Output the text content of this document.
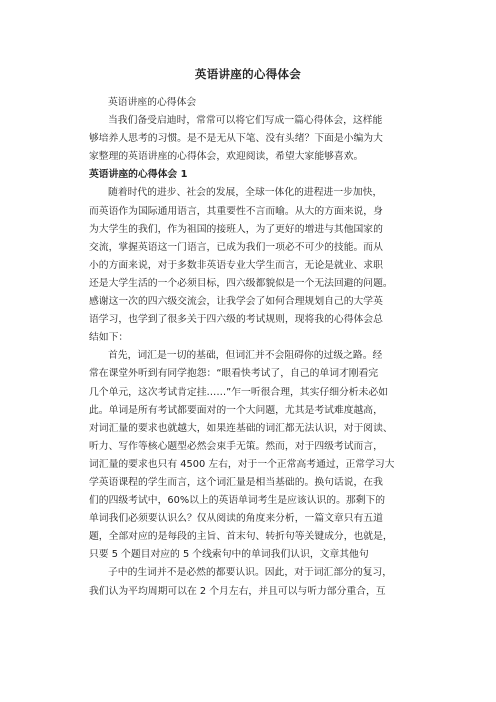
英语讲座的心得体会
英语讲座的心得体会
当我们备受启迪时，常常可以将它们写成一篇心得体会，这样能
够培养人思考的习惯。是不是无从下笔、没有头绪？下面是小编为大
家整理的英语讲座的心得体会，欢迎阅读，希望大家能够喜欢。
英语讲座的心得体会 1
随着时代的进步、社会的发展，全球一体化的进程进一步加快，
而英语作为国际通用语言，其重要性不言而喻。从大的方面来说，身
为大学生的我们，作为祖国的接班人，为了更好的增进与其他国家的
交流，掌握英语这一门语言，已成为我们一项必不可少的技能。而从
小的方面来说，对于多数非英语专业大学生而言，无论是就业、求职
还是大学生活的一个必须目标，四六级都貌似是一个无法回避的问题。
感谢这一次的四六级交流会，让我学会了如何合理规划自己的大学英
语学习，也学到了很多关于四六级的考试规则，现将我的心得体会总
结如下：
首先，词汇是一切的基础，但词汇并不会阻碍你的过级之路。经
常在课堂外听到有同学抱怨：“眼看快考试了，自己的单词才刚看完
几个单元，这次考试肯定挂……”乍一听很合理，其实仔细分析未必如
此。单词是所有考试都要面对的一个大问题，尤其是考试难度越高，
对词汇量的要求也就越大，如果连基础的词汇都无法认识，对于阅读、
听力、写作等核心题型必然会束手无策。然而，对于四级考试而言，
词汇量的要求也只有 4500 左右，对于一个正常高考通过，正常学习大
学英语课程的学生而言，这个词汇量是相当基础的。换句话说，在我
们的四级考试中，60%以上的英语单词考生是应该认识的。那剩下的
单词我们必须要认识么？仅从阅读的角度来分析，一篇文章只有五道
题，全部对应的是每段的主旨、首末句、转折句等关键成分，也就是，
只要 5 个题目对应的 5 个线索句中的单词我们认识，文章其他句
子中的生词并不是必然的都要认识。因此，对于词汇部分的复习，
我们认为平均周期可以在 2 个月左右，并且可以与听力部分重合，互
